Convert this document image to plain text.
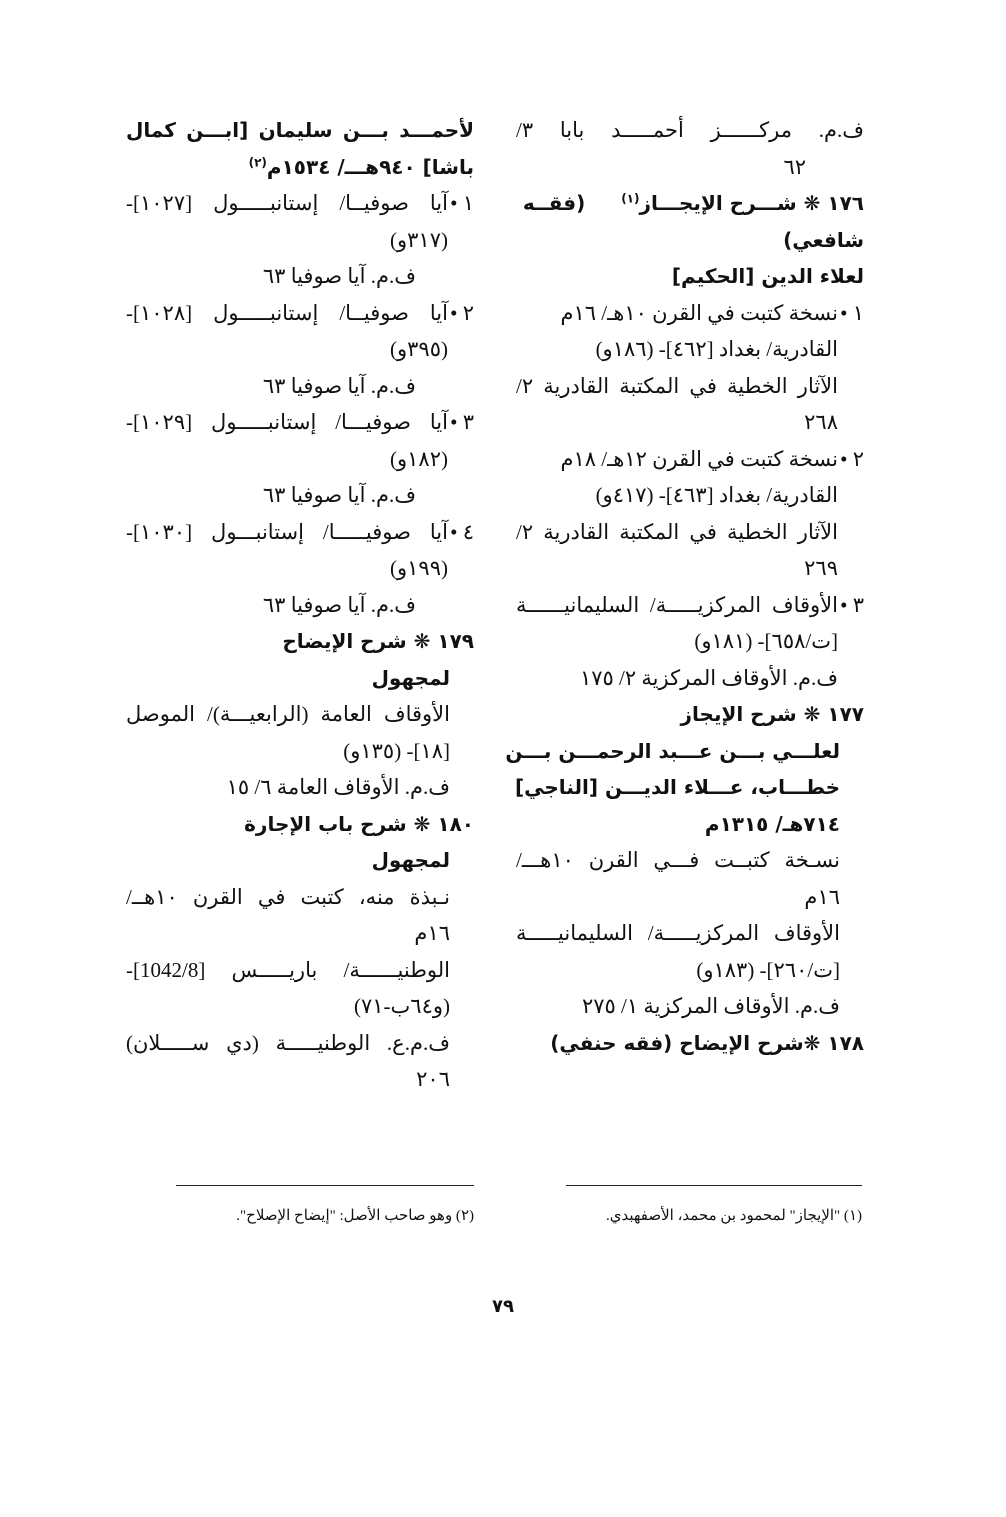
ف.م. مركــــــز أحمـــــد بابا ٣/
٦٢
١٧٦ ❋ شـــرح الإيجـــاز$^{(١)}$  (فقــه
شافعي)
لعلاء الدين [الحكيم]
١ •
نسخة كتبت في القرن ١٠هـ/ ١٦م
القادرية/ بغداد [٤٦٢]- (١٨٦و)
الآثار الخطية في المكتبة القادرية ٢/
٢٦٨
٢ •
نسخة كتبت في القرن ١٢هـ/ ١٨م
القادرية/ بغداد [٤٦٣]- (٤١٧و)
الآثار الخطية في المكتبة القادرية ٢/
٢٦٩
٣ •
الأوقاف المركزيـــــة/ السليمانيــــــة
[ت/٦٥٨]- (١٨١و)
ف.م. الأوقاف المركزية ٢/ ١٧٥
١٧٧ ❋ شرح الإيجاز
لعلـــي بـــن عـــبد الرحمـــن بـــن
خطـــاب، عـــلاء الديـــن [الناجي]
٧١٤هـ/ ١٣١٥م
نسـخة كتبــت فـــي القرن ١٠هـــ/
١٦م
الأوقاف المركزيـــــة/ السليمانيـــــة
[ت/٢٦٠]- (١٨٣و)
ف.م. الأوقاف المركزية ١/ ٢٧٥
١٧٨ ❋شرح الإيضاح (فقه حنفي)
لأحمـــد بـــن سليمان [ابـــن كمال
باشا] ٩٤٠هـــ/ ١٥٣٤م$^{(٢)}$
١ •
آيا صوفيــا/ إستانبـــــول [١٠٢٧]-
(٣١٧و)
ف.م. آيا صوفيا ٦٣
٢ •
آيا صوفيــا/ إستانبـــــول [١٠٢٨]-
(٣٩٥و)
ف.م. آيا صوفيا ٦٣
٣ •
آيا صوفيـــا/ إستانبـــــول [١٠٢٩]-
(١٨٢و)
ف.م. آيا صوفيا ٦٣
٤ •
آيا صوفيـــــا/ إستانبـــول [١٠٣٠]-
(١٩٩و)
ف.م. آيا صوفيا ٦٣
١٧٩ ❋ شرح الإيضاح
لمجهول
الأوقاف العامة (الرابعيـــة)/ الموصل
[١٨]- (١٣٥و)
ف.م. الأوقاف العامة ٦/ ١٥
١٨٠ ❋ شرح باب الإجارة
لمجهول
نـبذة منه، كتبت في القرن ١٠هــ/
١٦م
الوطنيــــــة/ باريـــــس [1042/8]-
(و٦٤ب-٧١)
ف.م.ع. الوطنيـــــة (دي ســـــلان)
٢٠٦
(١) "الإيجاز" لمحمود بن محمد، الأصفهبدي.
(٢) وهو صاحب الأصل: "إيضاح الإصلاح".
٧٩
